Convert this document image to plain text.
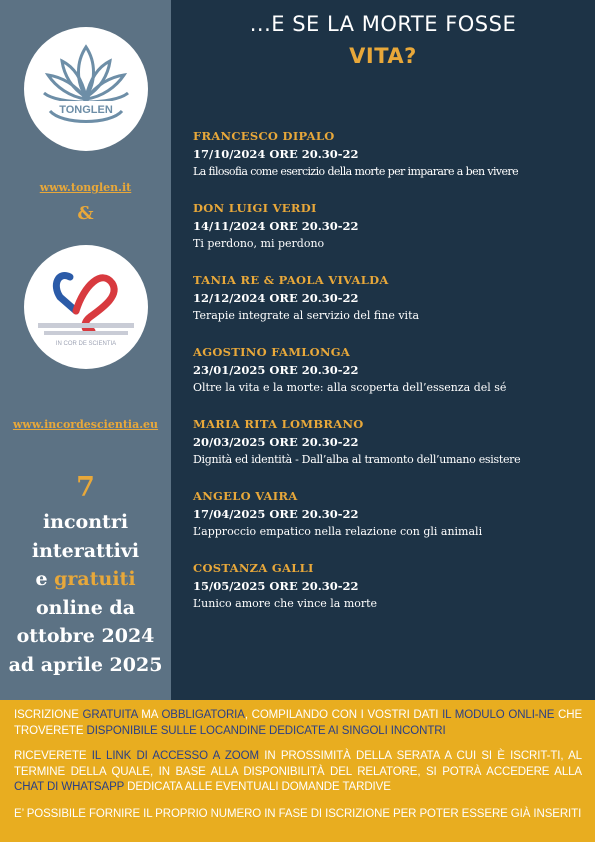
TONGLEN
www.tonglen.it
&
IN COR DE SCIENTIA
www.incordescientia.eu
7
incontri
interattivi
e gratuiti
online da
ottobre 2024
ad aprile 2025
...E SE LA MORTE FOSSE
VITA?
FRANCESCO DIPALO
17/10/2024 ORE 20.30-22
La filosofia come esercizio della morte per imparare a ben vivere
DON LUIGI VERDI
14/11/2024 ORE 20.30-22
Ti perdono, mi perdono
TANIA RE & PAOLA VIVALDA
12/12/2024 ORE 20.30-22
Terapie integrate al servizio del fine vita
AGOSTINO FAMLONGA
23/01/2025 ORE 20.30-22
Oltre la vita e la morte: alla scoperta dell’essenza del sé
MARIA RITA LOMBRANO
20/03/2025 ORE 20.30-22
Dignità ed identità - Dall’alba al tramonto dell’umano esistere
ANGELO VAIRA
17/04/2025 ORE 20.30-22
L’approccio empatico nella relazione con gli animali
COSTANZA GALLI
15/05/2025 ORE 20.30-22
L’unico amore che vince la morte
ISCRIZIONE GRATUITA MA OBBLIGATORIA, COMPILANDO CON I VOSTRI DATI IL MODULO ONLI-NE CHE TROVERETE DISPONIBILE SULLE LOCANDINE DEDICATE AI SINGOLI INCONTRI
RICEVERETE IL LINK DI ACCESSO A ZOOM IN PROSSIMITÀ DELLA SERATA A CUI SI È ISCRIT-TI, AL TERMINE DELLA QUALE, IN BASE ALLA DISPONIBILITÀ DEL RELATORE, SI POTRÀ ACCEDERE ALLA CHAT DI WHATSAPP DEDICATA ALLE EVENTUALI DOMANDE TARDIVE
E’ POSSIBILE FORNIRE IL PROPRIO NUMERO IN FASE DI ISCRIZIONE PER POTER ESSERE GIÀ INSERITI
